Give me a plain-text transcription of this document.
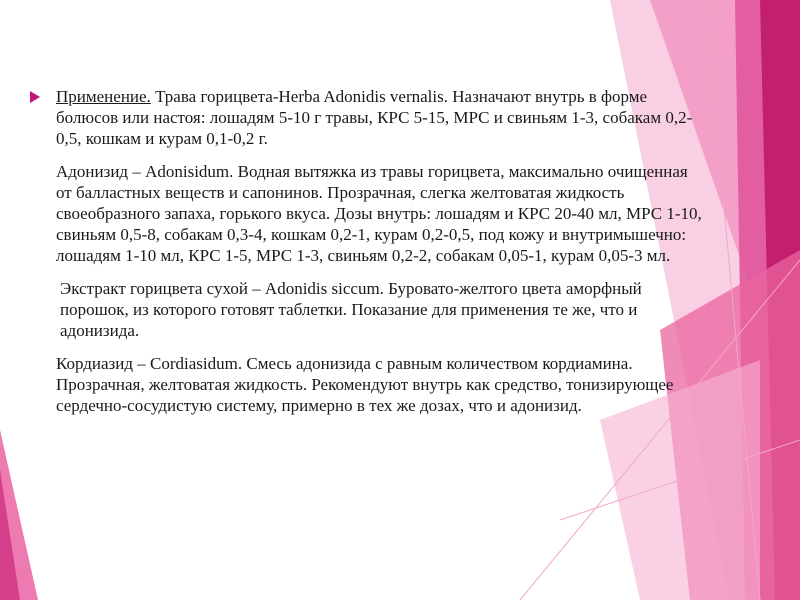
Применение. Трава горицвета-Herba Adonidis vernalis. Назначают внутрь в форме болюсов или настоя: лошадям 5-10 г травы, КРС 5-15, МРС и свиньям 1-3, собакам 0,2-0,5, кошкам и курам 0,1-0,2 г.

Адонизид – Adonisidum. Водная вытяжка из травы горицвета, максимально очищенная от балластных веществ и сапонинов. Прозрачная, слегка желтоватая жидкость своеобразного запаха, горького вкуса. Дозы внутрь: лошадям и КРС 20-40 мл, МРС 1-10, свиньям 0,5-8, собакам 0,3-4, кошкам 0,2-1, курам 0,2-0,5, под кожу и внутримышечно: лошадям 1-10 мл, КРС 1-5, МРС 1-3, свиньям 0,2-2, собакам 0,05-1, курам 0,05-3 мл.

Экстракт горицвета сухой – Adonidis siccum. Буровато-желтого цвета аморфный порошок, из которого готовят таблетки. Показание для применения те же, что и адонизида.

Кордиазид – Cordiasidum. Смесь адонизида с равным количеством кордиамина. Прозрачная, желтоватая жидкость. Рекомендуют внутрь как средство, тонизирующее сердечно-сосудистую систему, примерно в тех же дозах, что и адонизид.
